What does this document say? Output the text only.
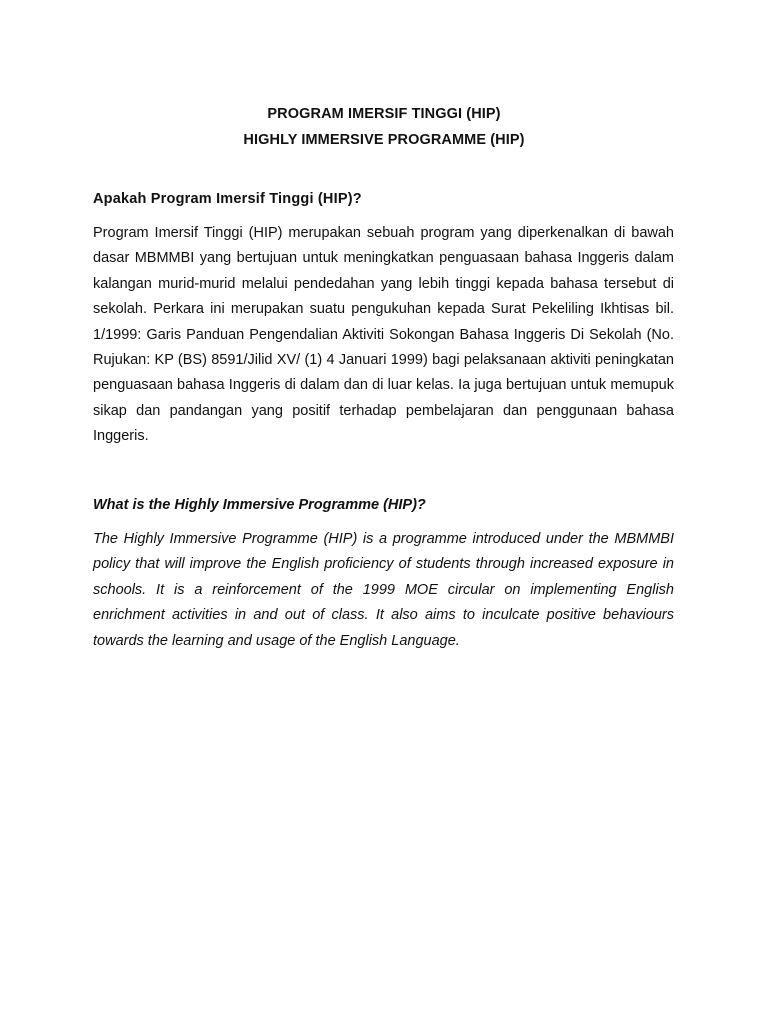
PROGRAM IMERSIF TINGGI (HIP)
HIGHLY IMMERSIVE PROGRAMME (HIP)
Apakah Program Imersif Tinggi (HIP)?

Program Imersif Tinggi (HIP) merupakan sebuah program yang diperkenalkan di bawah dasar MBMMBI yang bertujuan untuk meningkatkan penguasaan bahasa Inggeris dalam kalangan murid-murid melalui pendedahan yang lebih tinggi kepada bahasa tersebut di sekolah. Perkara ini merupakan suatu pengukuhan kepada Surat Pekeliling Ikhtisas bil. 1/1999: Garis Panduan Pengendalian Aktiviti Sokongan Bahasa Inggeris Di Sekolah (No. Rujukan: KP (BS) 8591/Jilid XV/ (1) 4 Januari 1999) bagi pelaksanaan aktiviti peningkatan penguasaan bahasa Inggeris di dalam dan di luar kelas. Ia juga bertujuan untuk memupuk sikap dan pandangan yang positif terhadap pembelajaran dan penggunaan bahasa Inggeris.

What is the Highly Immersive Programme (HIP)?

The Highly Immersive Programme (HIP) is a programme introduced under the MBMMBI policy that will improve the English proficiency of students through increased exposure in schools. It is a reinforcement of the 1999 MOE circular on implementing English enrichment activities in and out of class. It also aims to inculcate positive behaviours towards the learning and usage of the English Language.
